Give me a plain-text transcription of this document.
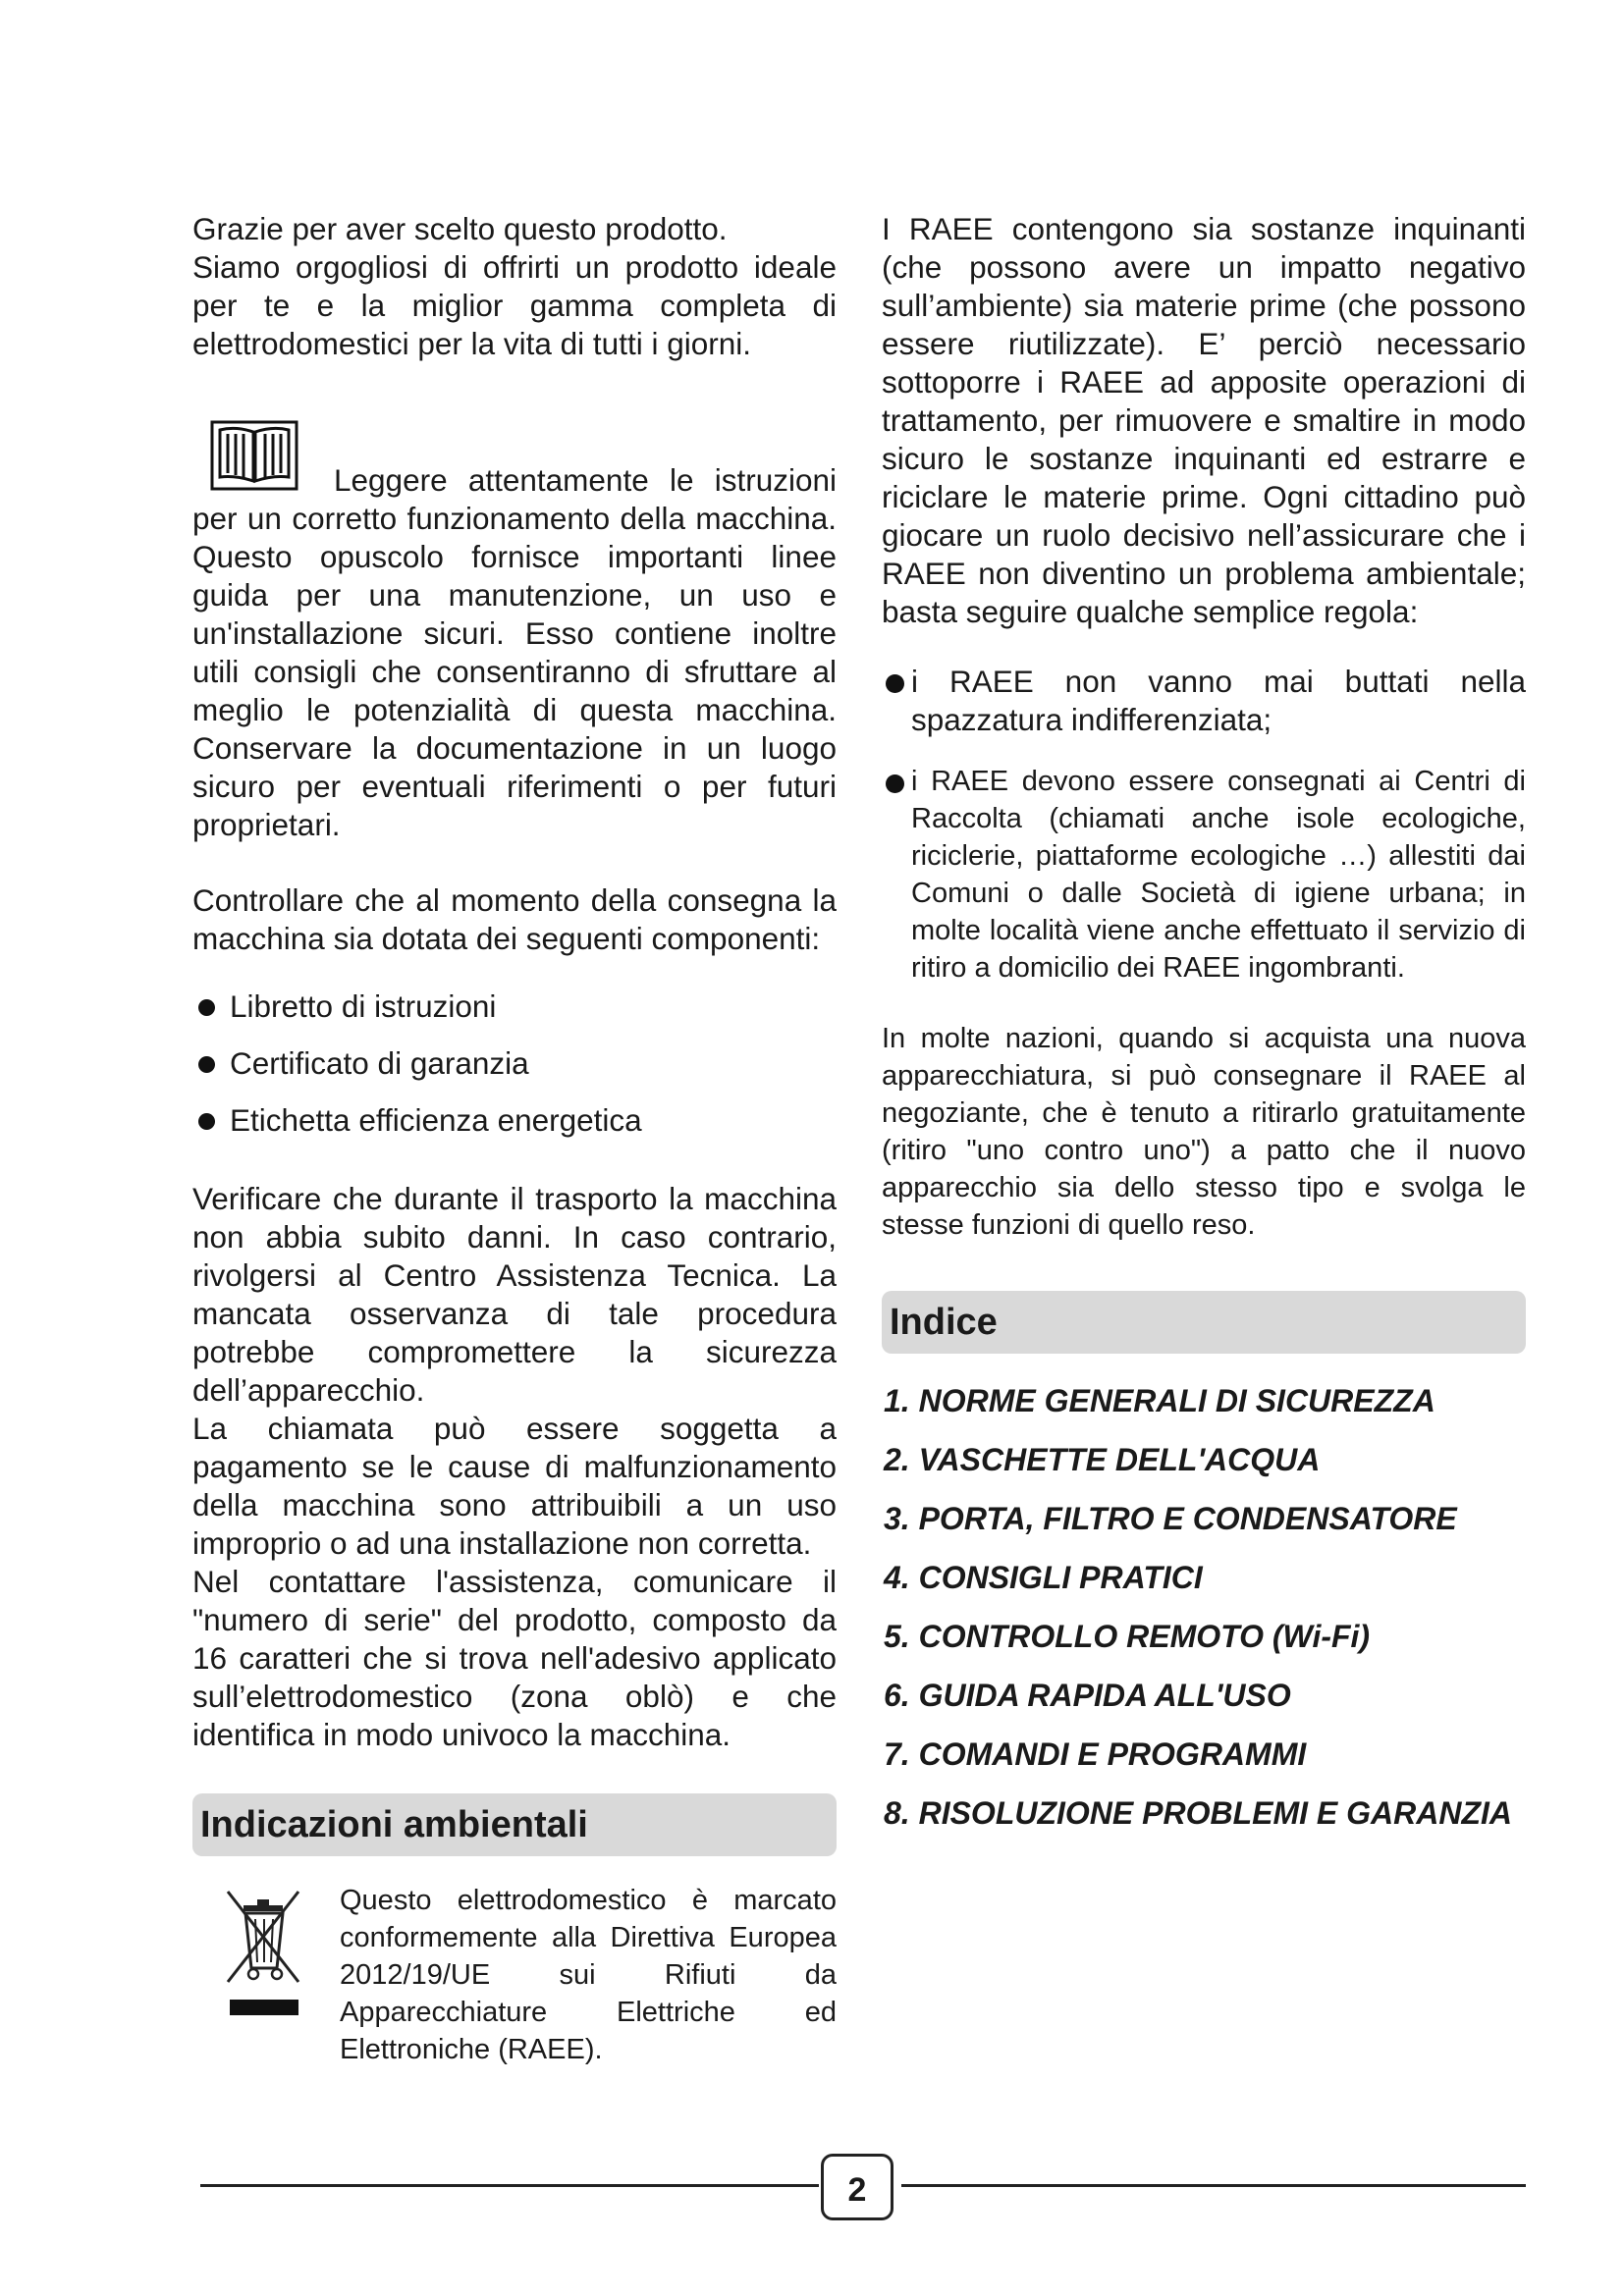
Grazie per aver scelto questo prodotto.

Siamo orgogliosi di offrirti un prodotto ideale per te e la miglior gamma completa di elettrodomestici per la vita di tutti i giorni.

Leggere attentamente le istruzioni per un corretto funzionamento della macchina. Questo opuscolo fornisce importanti linee guida per una manutenzione, un uso e un'installazione sicuri. Esso contiene inoltre utili consigli che consentiranno di sfruttare al meglio le potenzialità di questa macchina. Conservare la documentazione in un luogo sicuro per eventuali riferimenti o per futuri proprietari.

Controllare che al momento della consegna la macchina sia dotata dei seguenti componenti:

Libretto di istruzioni
Certificato di garanzia
Etichetta efficienza energetica

Verificare che durante il trasporto la macchina non abbia subito danni. In caso contrario, rivolgersi al Centro Assistenza Tecnica. La mancata osservanza di tale procedura potrebbe compromettere la sicurezza dell’apparecchio.

La chiamata può essere soggetta a pagamento se le cause di malfunzionamento della macchina sono attribuibili a un uso improprio o ad una installazione non corretta.

Nel contattare l'assistenza, comunicare il "numero di serie" del prodotto, composto da 16 caratteri che si trova nell'adesivo applicato sull’elettrodomestico (zona oblò) e che identifica in modo univoco la macchina.

Indicazioni ambientali

Questo elettrodomestico è marcato conformemente alla Direttiva Europea 2012/19/UE sui Rifiuti da Apparecchiature Elettriche ed Elettroniche (RAEE).

I RAEE contengono sia sostanze inquinanti (che possono avere un impatto negativo sull’ambiente) sia materie prime (che possono essere riutilizzate). E’ perciò necessario sottoporre i RAEE ad apposite operazioni di trattamento, per rimuovere e smaltire in modo sicuro le sostanze inquinanti ed estrarre e riciclare le materie prime. Ogni cittadino può giocare un ruolo decisivo nell’assicurare che i RAEE non diventino un problema ambientale; basta seguire qualche semplice regola:

i RAEE non vanno mai buttati nella spazzatura indifferenziata;
i RAEE devono essere consegnati ai Centri di Raccolta (chiamati anche isole ecologiche, riciclerie, piattaforme ecologiche …) allestiti dai Comuni o dalle Società di igiene urbana; in molte località viene anche effettuato il servizio di ritiro a domicilio dei RAEE ingombranti.

In molte nazioni, quando si acquista una nuova apparecchiatura, si può consegnare il RAEE al negoziante, che è tenuto a ritirarlo gratuitamente (ritiro "uno contro uno") a patto che il nuovo apparecchio sia dello stesso tipo e svolga le stesse funzioni di quello reso.

Indice
1. NORME GENERALI DI SICUREZZA
2. VASCHETTE DELL'ACQUA
3. PORTA, FILTRO E CONDENSATORE
4. CONSIGLI PRATICI
5. CONTROLLO REMOTO (Wi-Fi)
6. GUIDA RAPIDA ALL'USO
7. COMANDI E PROGRAMMI
8. RISOLUZIONE PROBLEMI E GARANZIA
2
